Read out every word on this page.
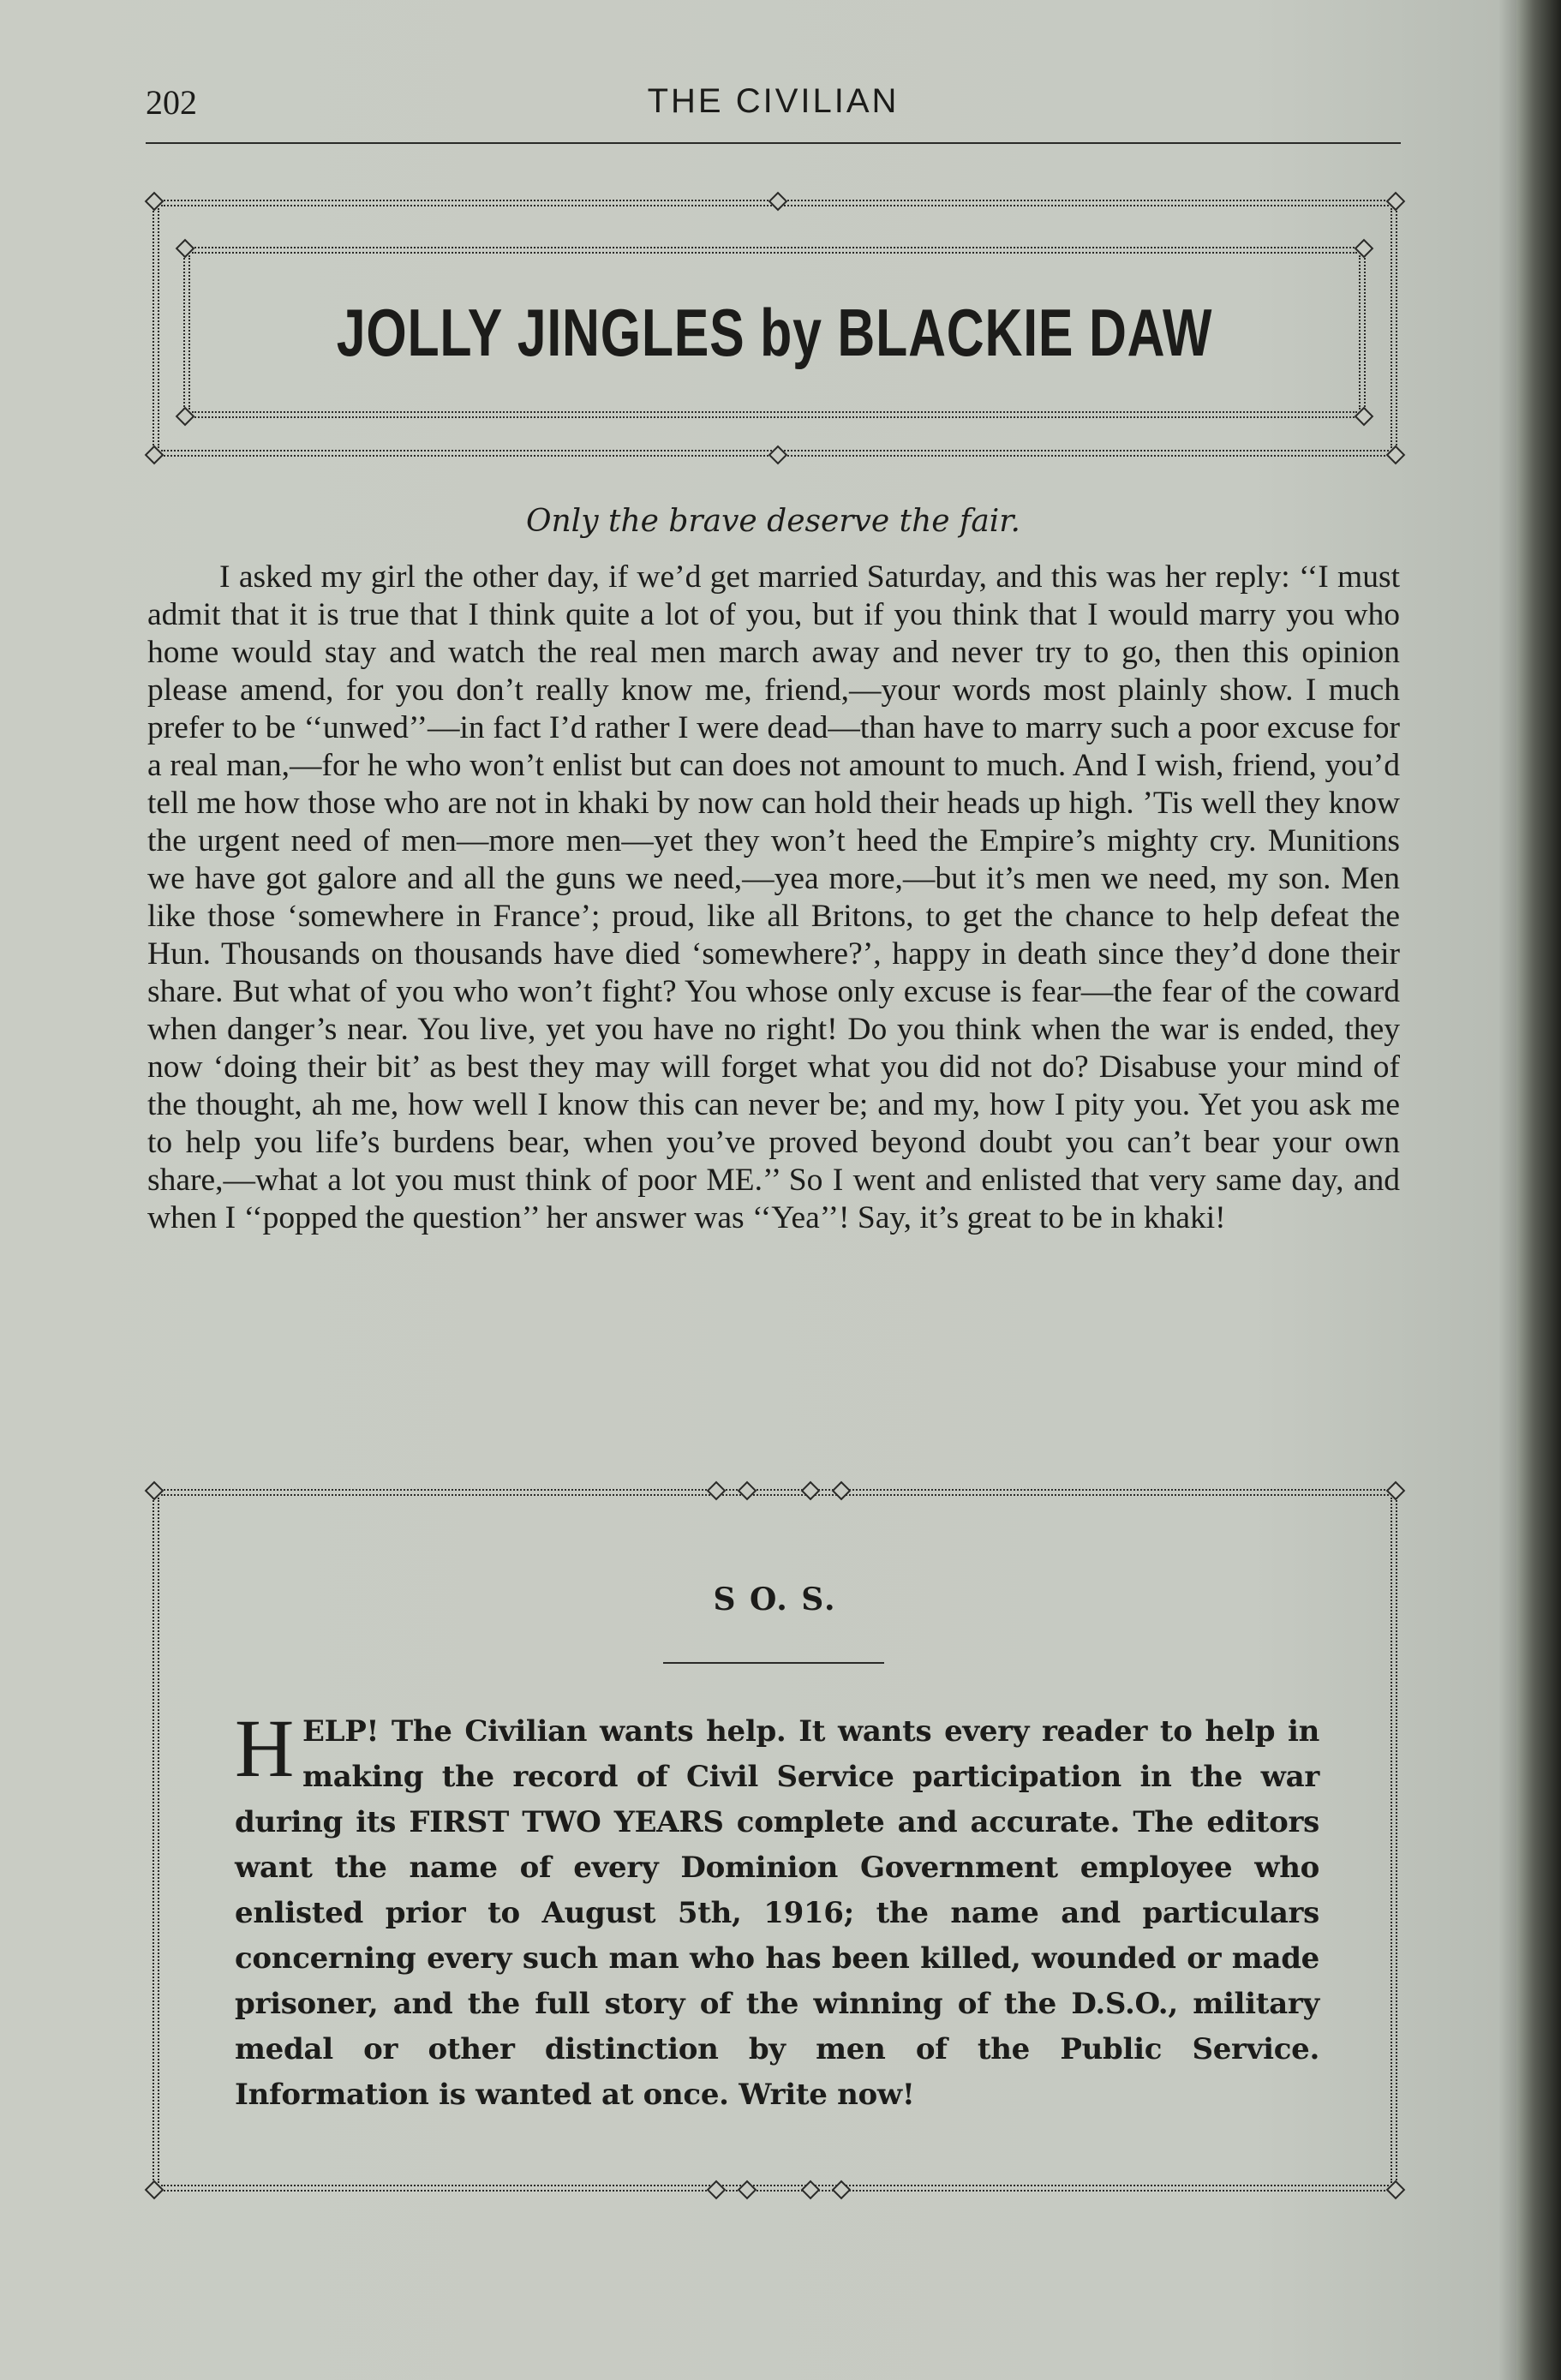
202	THE CIVILIAN
JOLLY JINGLES by BLACKIE DAW
Only the brave deserve the fair.

I asked my girl the other day, if we’d get married Saturday, and this was her reply: ‘‘I must admit that it is true that I think quite a lot of you, but if you think that I would marry you who home would stay and watch the real men march away and never try to go, then this opinion please amend, for you don’t really know me, friend,—your words most plainly show. I much prefer to be ‘‘unwed’’—in fact I’d rather I were dead—than have to marry such a poor excuse for a real man,—for he who won’t enlist but can does not amount to much. And I wish, friend, you’d tell me how those who are not in khaki by now can hold their heads up high. ’Tis well they know the urgent need of men—more men—yet they won’t heed the Empire’s mighty cry. Munitions we have got galore and all the guns we need,—yea more,—but it’s men we need, my son. Men like those ‘somewhere in France’; proud, like all Britons, to get the chance to help defeat the Hun. Thousands on thousands have died ‘somewhere?’, happy in death since they’d done their share. But what of you who won’t fight? You whose only excuse is fear—the fear of the coward when danger’s near. You live, yet you have no right! Do you think when the war is ended, they now ‘doing their bit’ as best they may will forget what you did not do? Disabuse your mind of the thought, ah me, how well I know this can never be; and my, how I pity you. Yet you ask me to help you life’s burdens bear, when you’ve proved beyond doubt you can’t bear your own share,—what a lot you must think of poor ME.’’ So I went and enlisted that very same day, and when I ‘‘popped the question’’ her answer was ‘‘Yea’’! Say, it’s great to be in khaki!

S O. S.
H ELP! The Civilian wants help. It wants every reader to help in making the record of Civil Service participation in the war during its FIRST TWO YEARS complete and accurate. The editors want the name of every Dominion Government employee who enlisted prior to August 5th, 1916; the name and particulars concerning every such man who has been killed, wounded or made prisoner, and the full story of the winning of the D.S.O., military medal or other distinction by men of the Public Service. Information is wanted at once. Write now!
